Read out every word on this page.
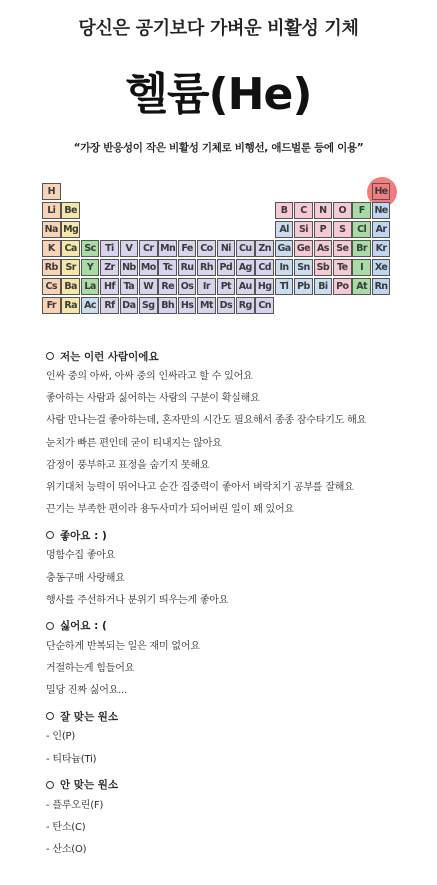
당신은 공기보다 가벼운 비활성 기체
헬륨(He)
“가장 반응성이 작은 비활성 기체로 비행선, 애드벌룬 등에 이용”
H	He
Li Be	B	C	N	O	F	Ne
Na Mg	Al	Si	P	S	Cl Ar
K	Ca Sc Ti	V	Cr Mn Fe Co Ni Cu Zn Ga Ge As Se Br Kr
Rb Sr	Y	Zr Nb Mo Tc Ru Rh Pd Ag Cd In Sn Sb Te	I	Xe
Cs Ba La Hf Ta W Re Os	Ir	Pt Au Hg Tl Pb Bi Po At Rn
Fr Ra Ac Rf Da Sg Bh Hs Mt Ds Rg Cn
저는 이런 사람이에요
인싸 중의 아싸, 아싸 중의 인싸라고 할 수 있어요
좋아하는 사람과 싫어하는 사람의 구분이 확실해요
사람 만나는걸 좋아하는데, 혼자만의 시간도 필요해서 종종 잠수타기도 해요
눈치가 빠른 편인데 굳이 티내지는 않아요
감정이 풍부하고 표정을 숨기지 못해요
위기대처 능력이 뛰어나고 순간 집중력이 좋아서 벼락치기 공부를 잘해요
끈기는 부족한 편이라 용두사미가 되어버린 일이 꽤 있어요
좋아요 : )
멍함수집 좋아요
충동구매 사랑해요
행사를 주선하거나 분위기 띄우는게 좋아요
싫어요 : (
단순하게 반복되는 일은 재미 없어요
거절하는게 힘들어요
밀당 진짜 싫어요...
잘 맞는 원소
- 인(P)
- 티타늄(Ti)
안 맞는 원소
- 플루오린(F)
- 탄소(C)
- 산소(O)
